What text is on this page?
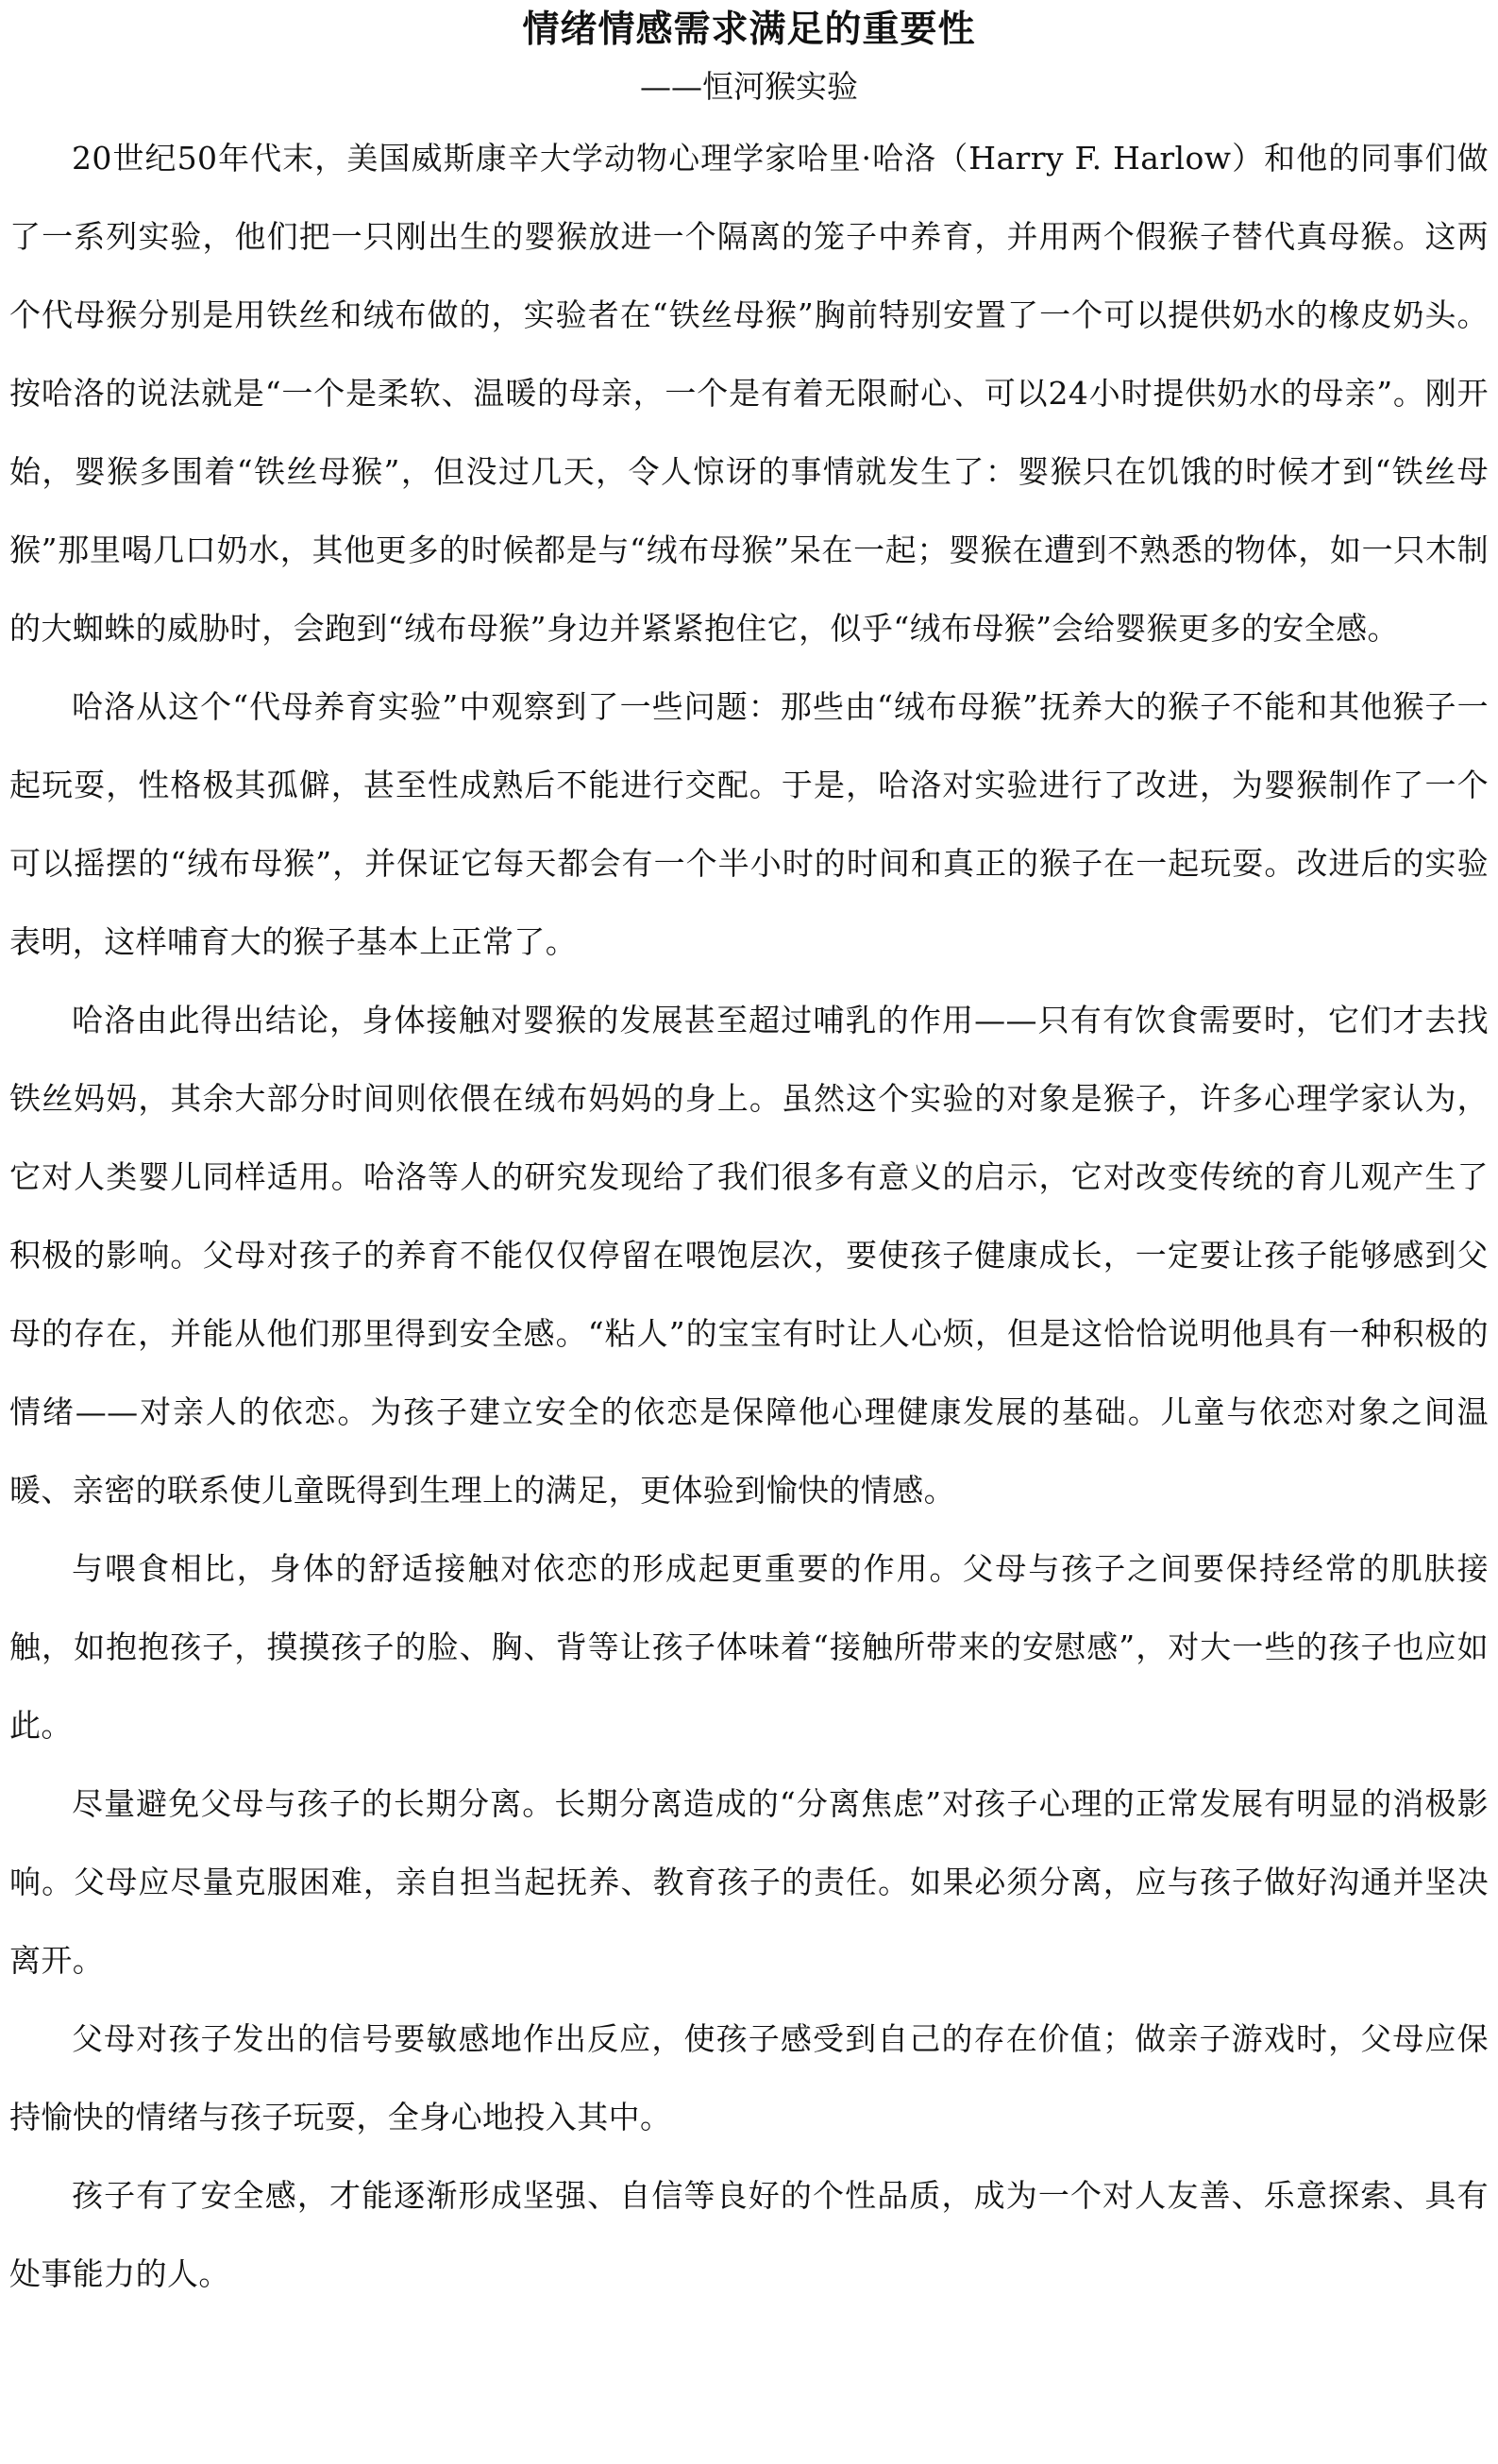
情绪情感需求满足的重要性
——恒河猴实验

20世纪50年代末，美国威斯康辛大学动物心理学家哈里·哈洛（Harry F. Harlow）和他的同事们做了一系列实验，他们把一只刚出生的婴猴放进一个隔离的笼子中养育，并用两个假猴子替代真母猴。这两个代母猴分别是用铁丝和绒布做的，实验者在“铁丝母猴”胸前特别安置了一个可以提供奶水的橡皮奶头。按哈洛的说法就是“一个是柔软、温暖的母亲，一个是有着无限耐心、可以24小时提供奶水的母亲”。刚开始，婴猴多围着“铁丝母猴”，但没过几天，令人惊讶的事情就发生了：婴猴只在饥饿的时候才到“铁丝母猴”那里喝几口奶水，其他更多的时候都是与“绒布母猴”呆在一起；婴猴在遭到不熟悉的物体，如一只木制的大蜘蛛的威胁时，会跑到“绒布母猴”身边并紧紧抱住它，似乎“绒布母猴”会给婴猴更多的安全感。

哈洛从这个“代母养育实验”中观察到了一些问题：那些由“绒布母猴”抚养大的猴子不能和其他猴子一起玩耍，性格极其孤僻，甚至性成熟后不能进行交配。于是，哈洛对实验进行了改进，为婴猴制作了一个可以摇摆的“绒布母猴”，并保证它每天都会有一个半小时的时间和真正的猴子在一起玩耍。改进后的实验表明，这样哺育大的猴子基本上正常了。

哈洛由此得出结论，身体接触对婴猴的发展甚至超过哺乳的作用——只有有饮食需要时，它们才去找铁丝妈妈，其余大部分时间则依偎在绒布妈妈的身上。虽然这个实验的对象是猴子，许多心理学家认为，它对人类婴儿同样适用。哈洛等人的研究发现给了我们很多有意义的启示，它对改变传统的育儿观产生了积极的影响。父母对孩子的养育不能仅仅停留在喂饱层次，要使孩子健康成长，一定要让孩子能够感到父母的存在，并能从他们那里得到安全感。“粘人”的宝宝有时让人心烦，但是这恰恰说明他具有一种积极的情绪——对亲人的依恋。为孩子建立安全的依恋是保障他心理健康发展的基础。儿童与依恋对象之间温暖、亲密的联系使儿童既得到生理上的满足，更体验到愉快的情感。

与喂食相比，身体的舒适接触对依恋的形成起更重要的作用。父母与孩子之间要保持经常的肌肤接触，如抱抱孩子，摸摸孩子的脸、胸、背等让孩子体味着“接触所带来的安慰感”，对大一些的孩子也应如此。

尽量避免父母与孩子的长期分离。长期分离造成的“分离焦虑”对孩子心理的正常发展有明显的消极影响。父母应尽量克服困难，亲自担当起抚养、教育孩子的责任。如果必须分离，应与孩子做好沟通并坚决离开。

父母对孩子发出的信号要敏感地作出反应，使孩子感受到自己的存在价值；做亲子游戏时，父母应保持愉快的情绪与孩子玩耍，全身心地投入其中。

孩子有了安全感，才能逐渐形成坚强、自信等良好的个性品质，成为一个对人友善、乐意探索、具有处事能力的人。
